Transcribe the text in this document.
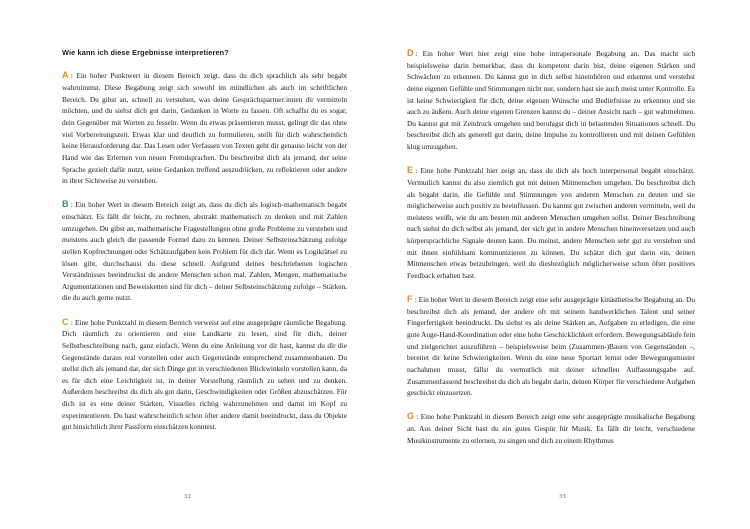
Wie kann ich diese Ergebnisse interpretieren?

A : Ein hoher Punktwert in diesem Bereich zeigt, dass du dich sprachlich als sehr begabt wahrnimmst. Diese Begabung zeigt sich sowohl im mündlichen als auch im schriftlichen Bereich. Du gibst an, schnell zu verstehen, was deine Gesprächspartner:innen dir vermitteln möchten, und du siehst dich gut darin, Gedanken in Worte zu fassen. Oft schaffst du es sogar, dein Gegenüber mit Worten zu fesseln. Wenn du etwas präsentieren musst, gelingt dir das ohne viel Vorbereitungszeit. Etwas klar und deutlich zu formulieren, stellt für dich wahrscheinlich keine Herausforderung dar. Das Lesen oder Verfassen von Texten geht dir genauso leicht von der Hand wie das Erlernen von neuen Fremdsprachen. Du beschreibst dich als jemand, der seine Sprache gezielt dafür nutzt, seine Gedanken treffend auszudrücken, zu reflektieren oder andere in ihrer Sichtweise zu verstehen.

B : Ein hoher Wert in diesem Bereich zeigt an, dass du dich als logisch-mathematisch begabt einschätzt. Es fällt dir leicht, zu rechnen, abstrakt mathematisch zu denken und mit Zahlen umzugehen. Du gibst an, mathematische Fragestellungen ohne große Probleme zu verstehen und meistens auch gleich die passende Formel dazu zu kennen. Deiner Selbsteinschätzung zufolge stellen Kopfrechnungen oder Schätzaufgaben kein Problem für dich dar. Wenn es Logikrätsel zu lösen gibt, durchschaust du diese schnell. Aufgrund deines beschriebenen logischen Verständnisses beeindruckst du andere Menschen schon mal. Zahlen, Mengen, mathematische Argumentationen und Beweisketten sind für dich – deiner Selbsteinschätzung zufolge – Stärken, die du auch gerne nutzt.

C : Eine hohe Punktzahl in diesem Bereich verweist auf eine ausgeprägte räumliche Begabung. Dich räumlich zu orientieren und eine Landkarte zu lesen, sind für dich, deiner Selbstbeschreibung nach, ganz einfach. Wenn du eine Anleitung vor dir hast, kannst du dir die Gegenstände daraus real vorstellen oder auch Gegenstände entsprechend zusammenbauen. Du stellst dich als jemand dar, der sich Dinge gut in verschiedenen Blickwinkeln vorstellen kann, da es für dich eine Leichtigkeit ist, in deiner Vorstellung räumlich zu sehen und zu denken. Außerdem beschreibst du dich als gut darin, Geschwindigkeiten oder Größen abzuschätzen. Für dich ist es eine deiner Stärken, Visuelles richtig wahrzunehmen und damit im Kopf zu experimentieren. Du hast wahrscheinlich schon öfter andere damit beeindruckt, dass du Objekte gut hinsichtlich ihrer Passform einschätzen konntest.

D : Ein hoher Wert hier zeigt eine hohe intrapersonale Begabung an. Das macht sich beispielsweise darin bemerkbar, dass du kompetent darin bist, deine eigenen Stärken und Schwächen zu erkennen. Du kannst gut in dich selbst hineinhören und erkennst und verstehst deine eigenen Gefühle und Stimmungen nicht nur, sondern hast sie auch meist unter Kontrolle. Es ist keine Schwierigkeit für dich, deine eigenen Wünsche und Bedürfnisse zu erkennen und sie auch zu äußern. Auch deine eigenen Grenzen kannst du – deiner Ansicht nach – gut wahrnehmen. Du kannst gut mit Zeitdruck umgehen und beruhigst dich in belastenden Situationen schnell. Du beschreibst dich als generell gut darin, deine Impulse zu kontrollieren und mit deinen Gefühlen klug umzugehen.

E : Eine hohe Punktzahl hier zeigt an, dass du dich als hoch interpersonal begabt einschätzt. Vermutlich kannst du also ziemlich gut mit deinen Mitmenschen umgehen. Du beschreibst dich als begabt darin, die Gefühle und Stimmungen von anderen Menschen zu deuten und sie möglicherweise auch positiv zu beeinflussen. Du kannst gut zwischen anderen vermitteln, weil du meistens weißt, wie du am besten mit anderen Menschen umgehen sollst. Deiner Beschreibung nach siehst du dich selbst als jemand, der sich gut in andere Menschen hineinversetzen und auch körpersprachliche Signale deuten kann. Du meinst, andere Menschen sehr gut zu verstehen und mit ihnen einfühlsam kommunizieren zu können. Du schätzt dich gut darin ein, deinen Mitmenschen etwas beizubringen, weil du diesbezüglich möglicherweise schon öfter positives Feedback erhalten hast.

F : Ein hoher Wert in diesem Bereich zeigt eine sehr ausgeprägte kinästhetische Begabung an. Du beschreibst dich als jemand, der andere oft mit seinem handwerklichen Talent und seiner Fingerfertigkeit beeindruckt. Du siehst es als deine Stärken an, Aufgaben zu erledigen, die eine gute Auge-Hand-Koordination oder eine hohe Geschicklichkeit erfordern. Bewegungsabläufe fein und zielgerichtet auszuführen – beispielsweise beim (Zusammen-)Bauen von Gegenständen –, bereitet dir keine Schwierigkeiten. Wenn du eine neue Sportart lernst oder Bewegungsmuster nachahmen musst, fällst du vermutlich mit deiner schnellen Auffassungsgabe auf. Zusammenfassend beschreibst du dich als begabt darin, deinen Körper für verschiedene Aufgaben geschickt einzusetzen.

G : Eine hohe Punktzahl in diesem Bereich zeigt eine sehr ausgeprägte musikalische Begabung an. Aus deiner Sicht hast du ein gutes Gespür für Musik. Es fällt dir leicht, verschiedene Musikinstrumente zu erlernen, zu singen und dich zu einem Rhythmus

32	33
